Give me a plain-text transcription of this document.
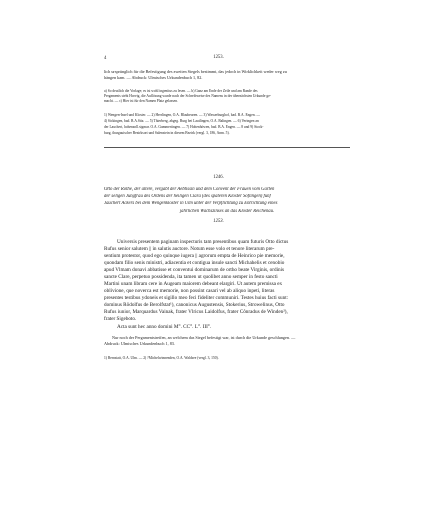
4	1253.
lich ursprünglich für die Befestigung des zweiten Siegels bestimmt, das jedoch in Wirklichkeit weder weg zu
hängen kam. — Abdruck: Ulmisches Urkundenbuch 1, 82.
a) So deutlich die Vorlage; es ist wohl ingenitus zu lesen. — b) Ganz am Ende der Zeile und am Rande des
Pergaments steht Horvig, die Auflösung wurde nach der Schreibweise des Namens in der übernächsten Urkunde ge-
macht. — c) Hier ist für den Namen Platz gelassen.
1) Wengen-Insel und Kloster. — 2) Herrlingen, O.A. Blaubeuren. — 3) Wasserburghof, bad. B.A. Engen. —
4) Sickingen, bad. B.A.Stiz. — 5) Thierberg, abgeg. Burg bei Lautlingen, O.A. Balingen. — 6) Veringen an
der Lauchert, hohenzoll.sigmar. O.A. Gammertingen. — 7) Hohenhöwen, bad. B.A. Engen. — 8 und 9) Stock-
burg, thurgauischer Bezirksort und Salenstein in diesem Bezirk (vergl. 3, 186, Anm. 5).
1246.
Otto der Rothe, der ältere, vergabt der Aebtissin und dem Convent der Frauen vom Garten
der seligen Jungfrau des Ordens der heiligen Clara (des späteren Kloster Söflingen) fünf
Jauchert Ackers bei dem Wengenkloster in Ulm unter der Verpflichtung zu Entrichtung eines
jährlichen Wachszinses an das Kloster Reichenau.
1253.
Universis presentem paginam inspecturis tam presentibus quam futuris Otto dictus
Rufus senior salutem || in salutis auctore. Notum esse volo et tenore literarum pre-
sentium protestor, quod ego quinque iugera || agrorum empta de Heinrico pie memorie,
quondam filio senis ministri, adiacentia et contigua insule sancti Michahelis et cenobio
apud Vlmam donavi abbatisse et conventui dominarum de ortho beate Virginis, ordinis
sancte Clare, perpetuo possidenda, ita tamen ut quolibet anno semper in festo sancti
Martini unam libram cere in Augeam maiorem debeant elargiri. Ut autem premissa ex
oblivione, que noverca est memorie, non possint casari vel ab aliquo inpeti, literas
presentes testibus ydoneis et sigillo meo feci fideliter communiri. Testes huius facti sunt:
dominus Rôdolfus de Berolfstat¹), canonicus Augustensis, Stokerius, Strowelinus, Otto
Rufus iunior, Marquardus Vainak, frater Vlricus Laidolfus, frater Cônradus de Winden²),
frater Sigeboto.
Acta sunt hec anno domini M°. CC°. L°. III°.
Nur noch der Pergamentstreifen, an welchem das Siegel befestigt war, ist durch die Urkunde geschlungen. —
Abdruck: Ulmisches Urkundenbuch 1, 83.
1) Bernstatt, O.A. Ulm. — 2) ?Michelwinnenden, O.A. Waldsee (vergl. 3, 150).
